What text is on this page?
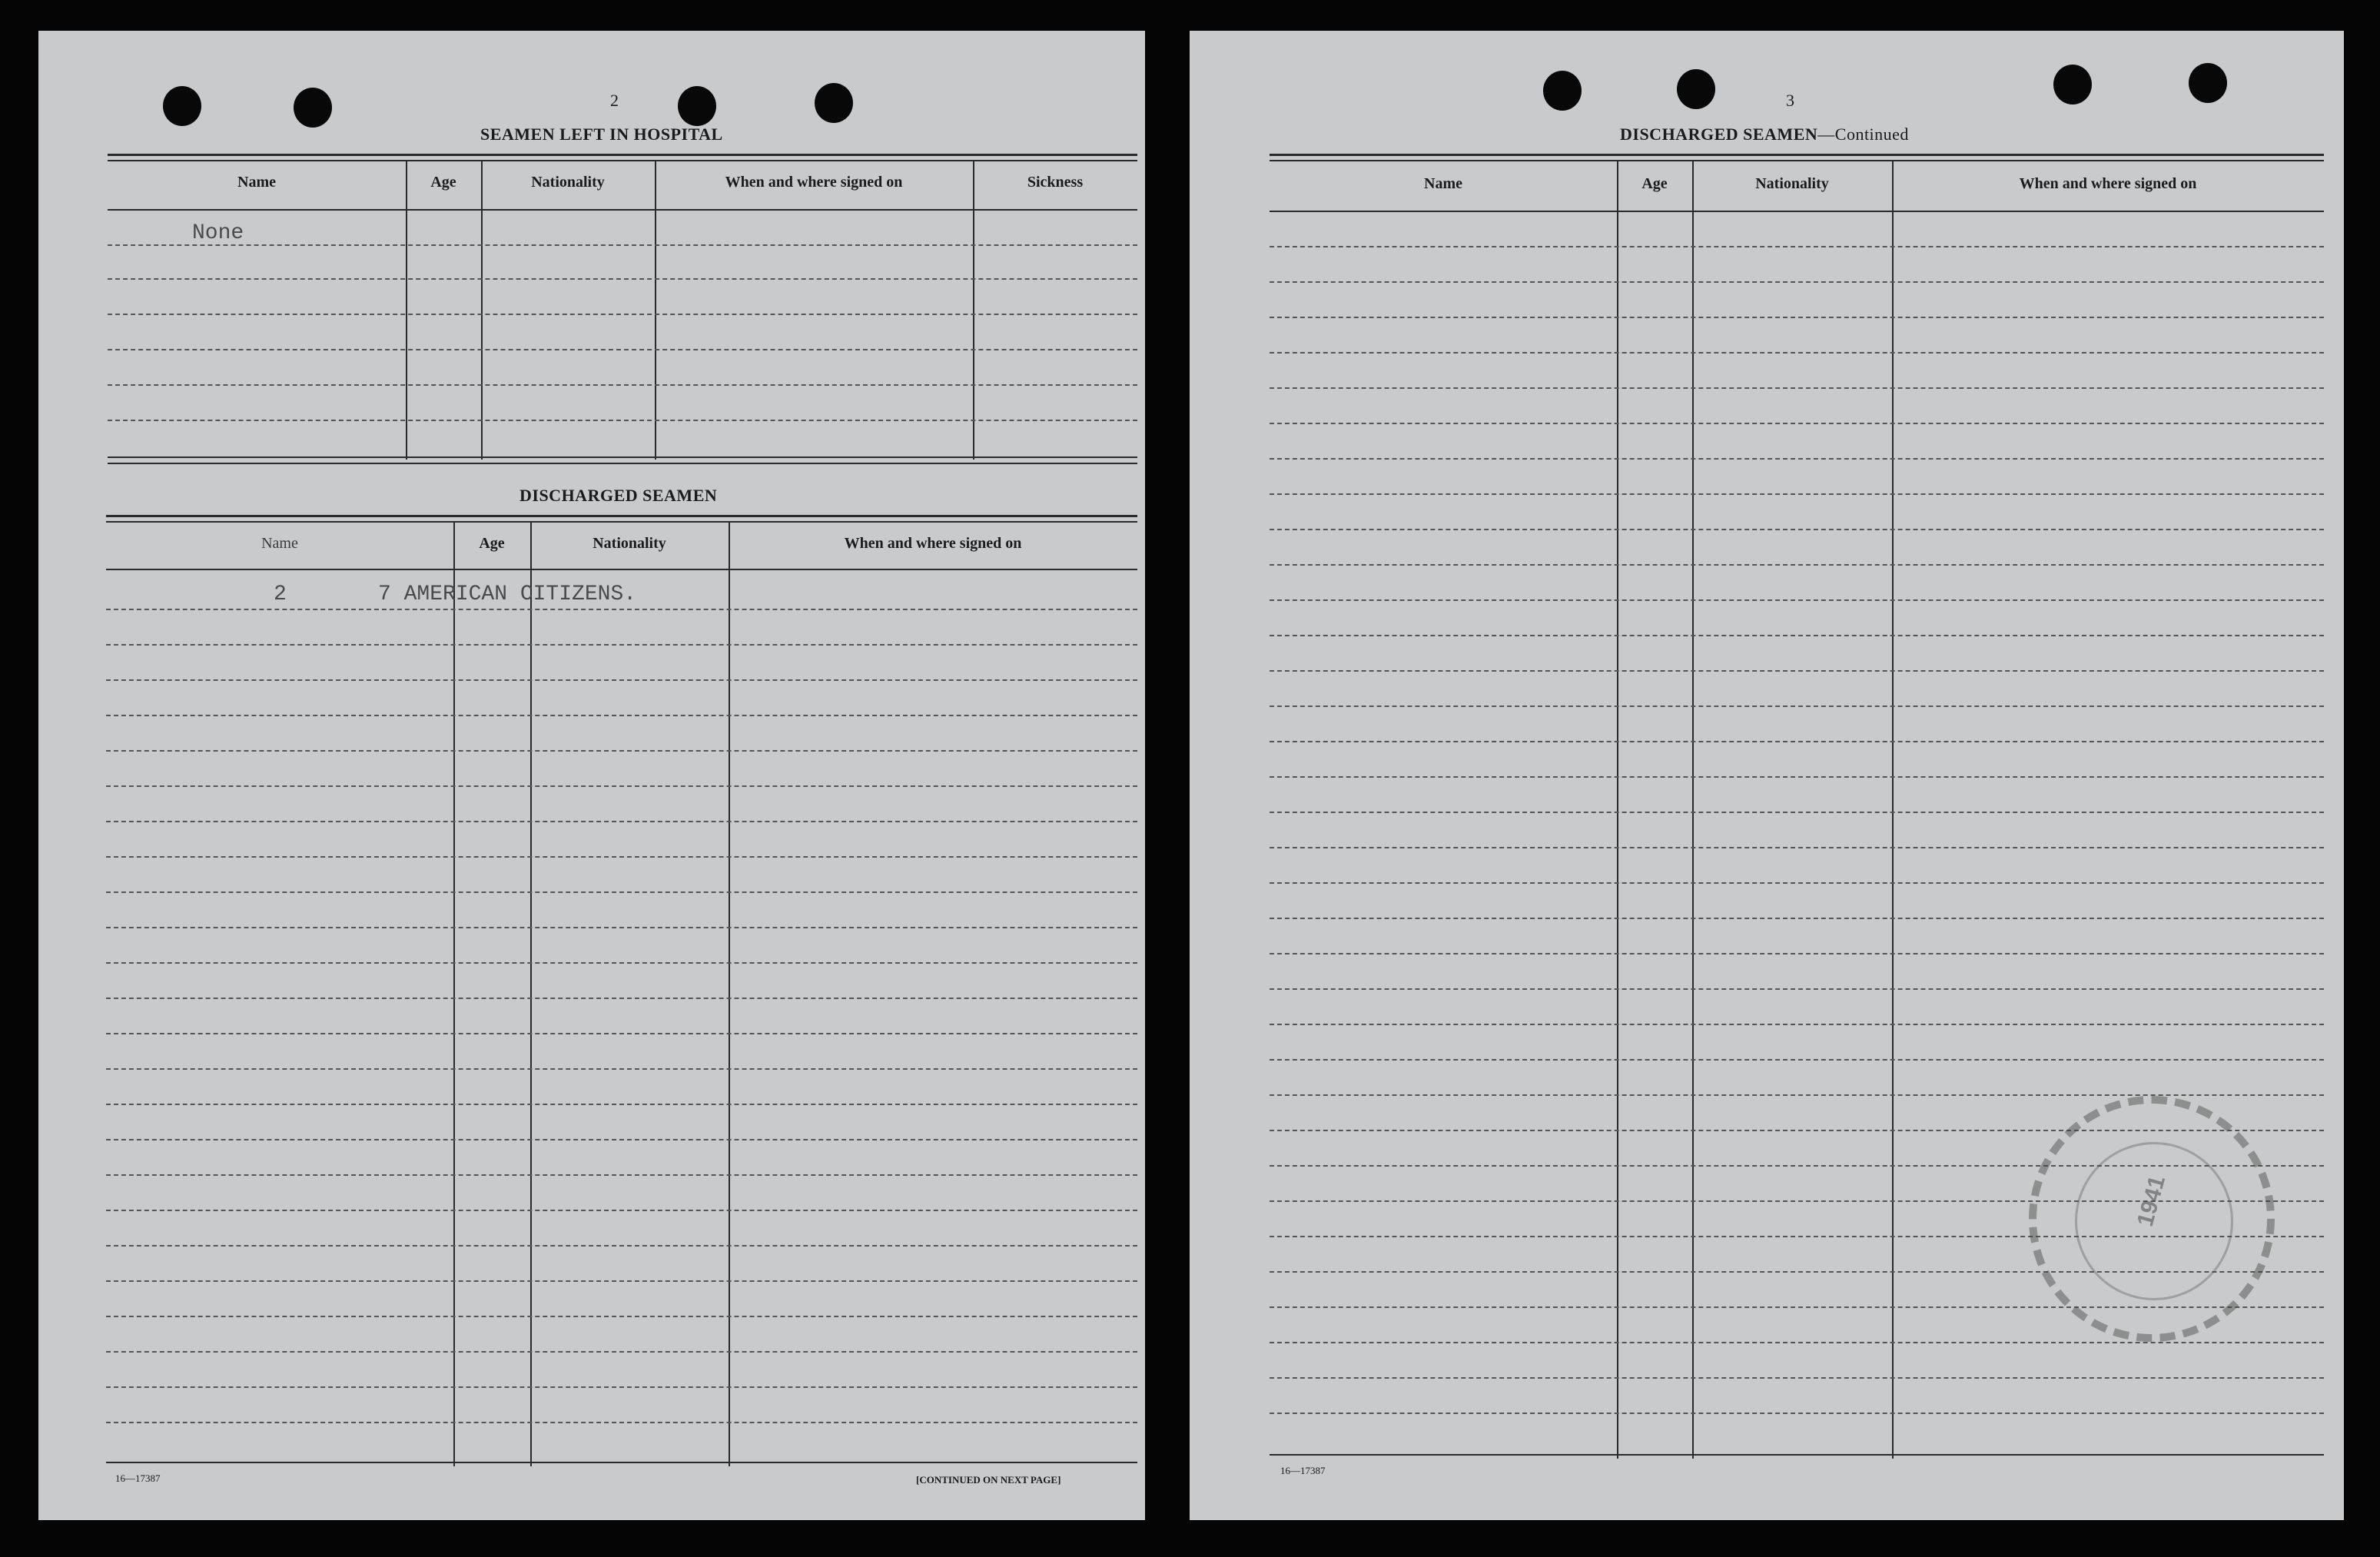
2
SEAMEN LEFT IN HOSPITAL
Name	Age	Nationality	When and where signed on	Sickness
None
DISCHARGED SEAMEN
Name	Age	Nationality	When and where signed on
2	7 AMERICAN CITIZENS.
16—17387	[CONTINUED ON NEXT PAGE]
3
DISCHARGED SEAMEN—Continued
Name	Age	Nationality	When and where signed on
16—17387
1941
